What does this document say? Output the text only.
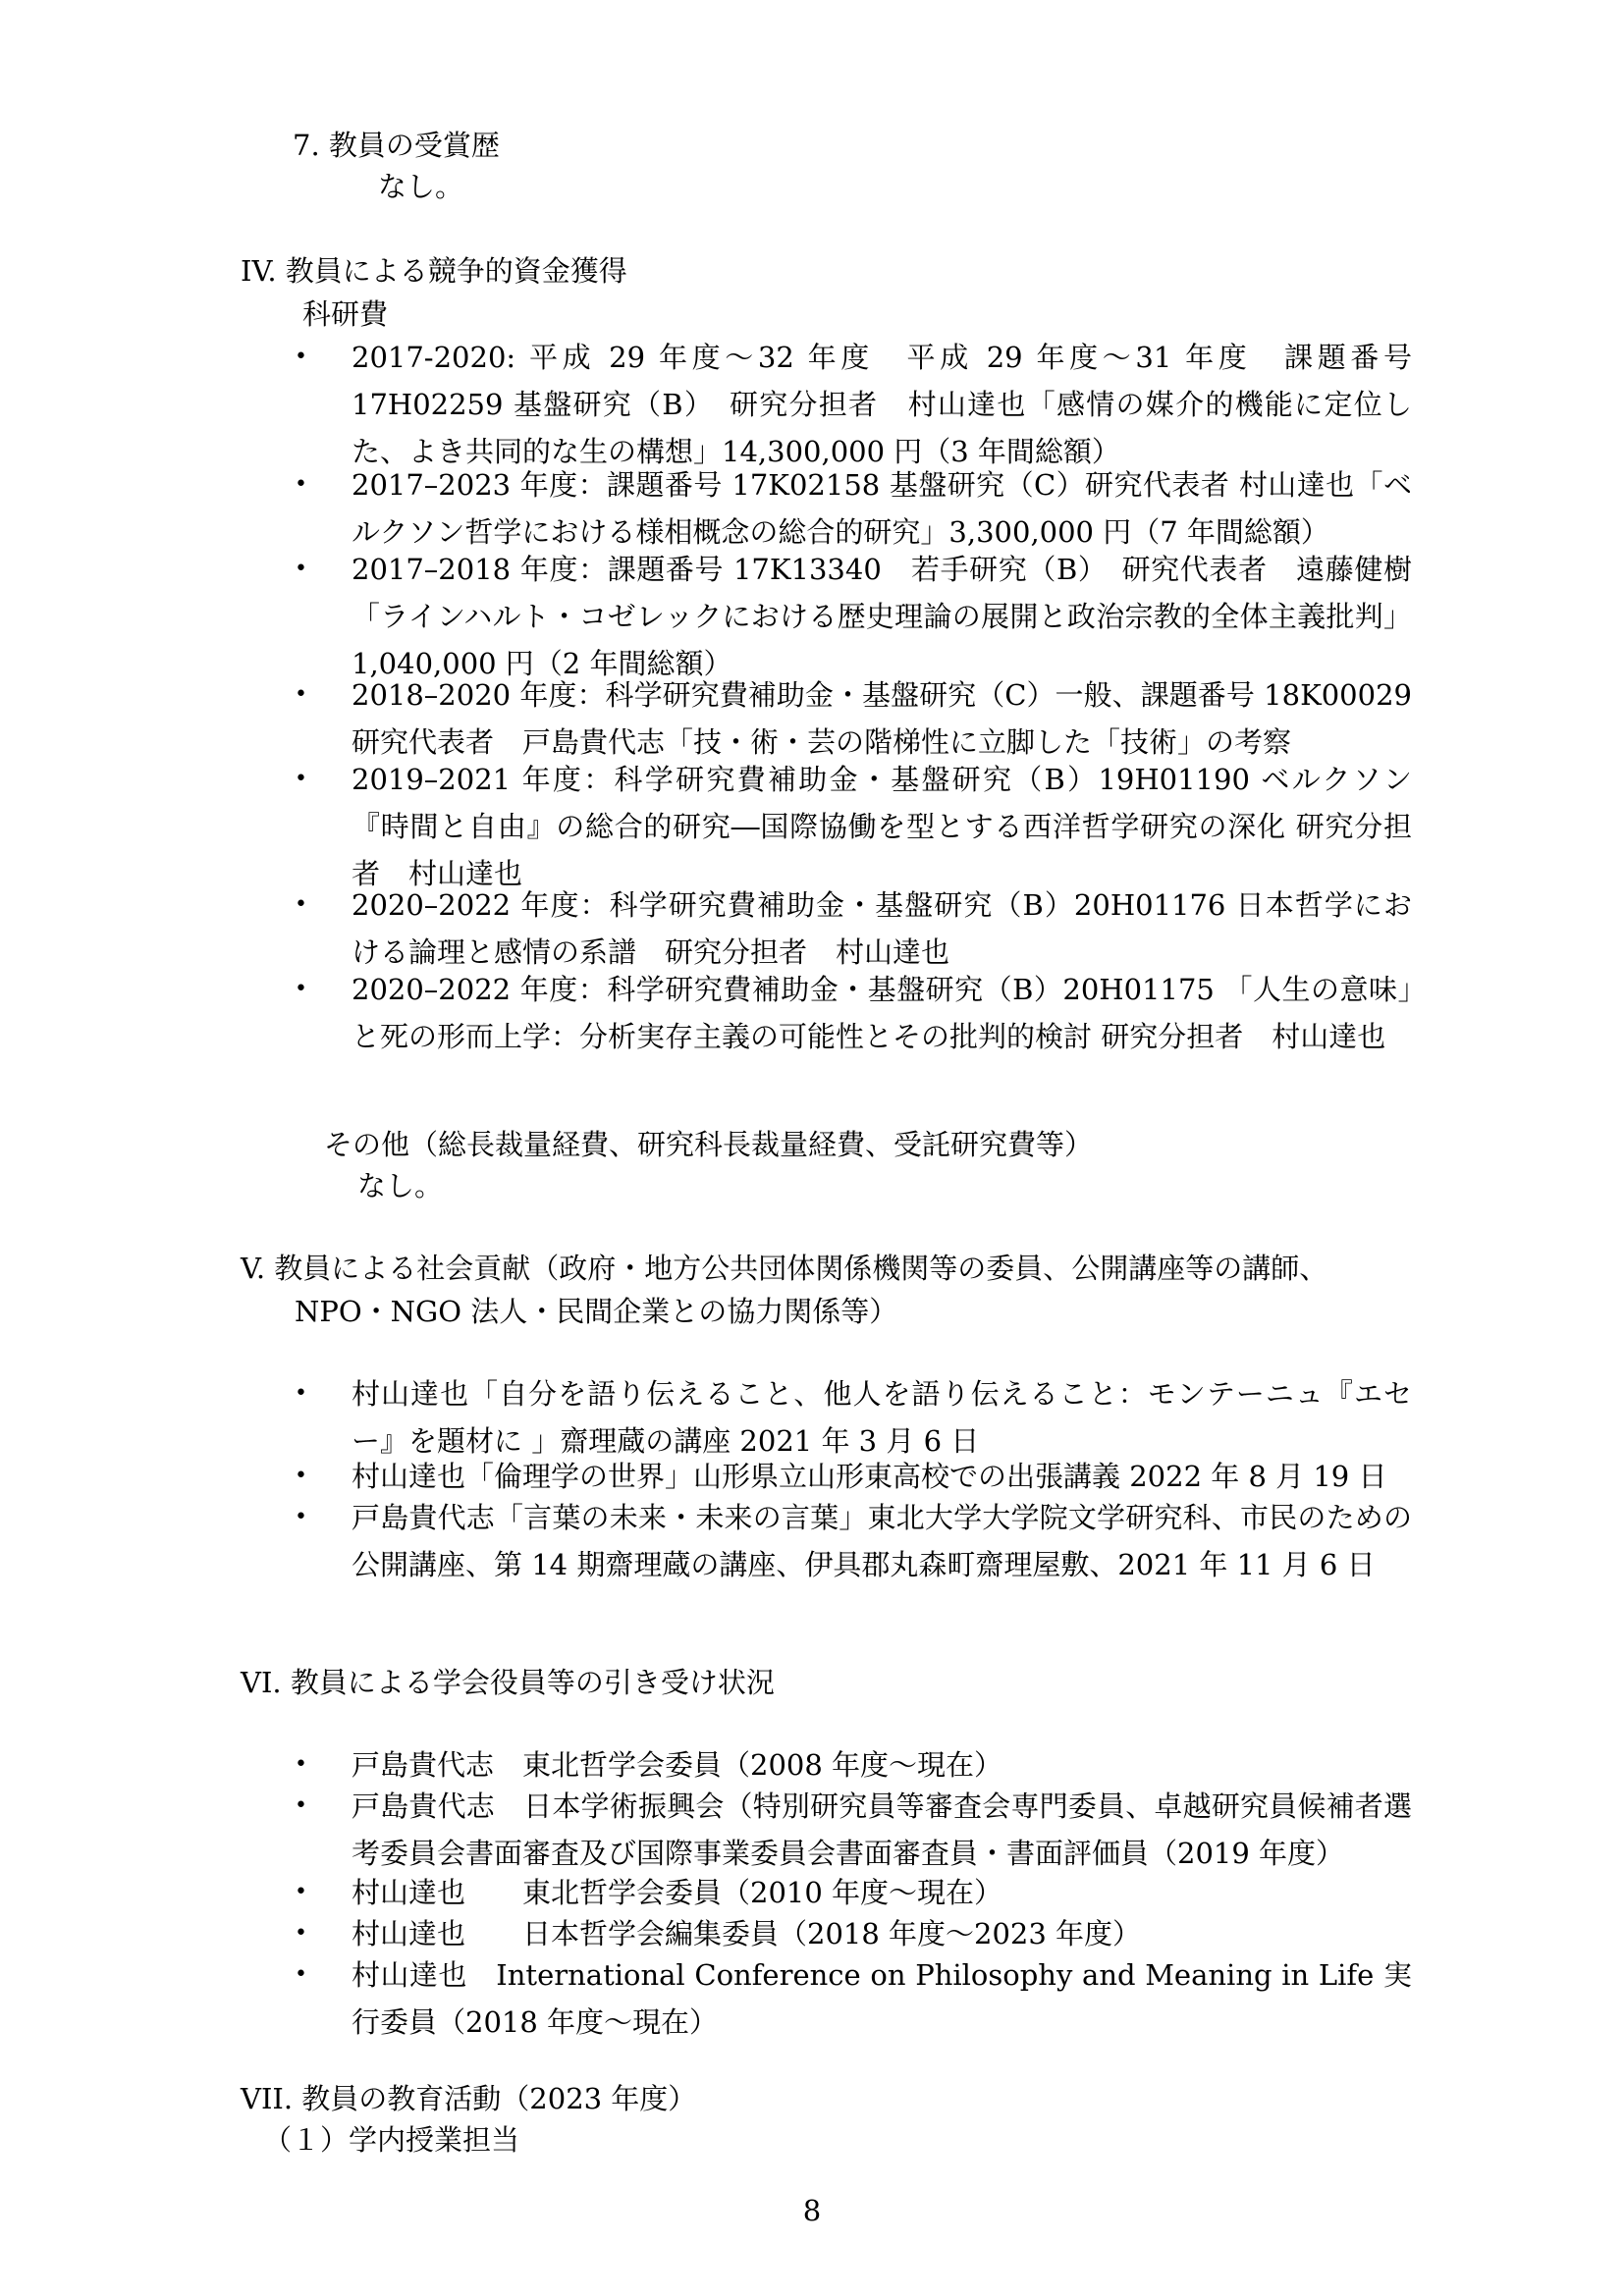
7. 教員の受賞歴
なし。
IV. 教員による競争的資金獲得
科研費
• 2017-2020: 平成 29 年度～32 年度　平成 29 年度～31 年度　課題番号 17H02259 基盤研究（B）　研究分担者　村山達也「感情の媒介的機能に定位した、よき共同的な生の構想」14,300,000 円（3 年間総額）
• 2017–2023 年度：課題番号 17K02158 基盤研究（C）研究代表者 村山達也「ベルクソン哲学における様相概念の総合的研究」3,300,000 円（7 年間総額）
• 2017–2018 年度：課題番号 17K13340　若手研究（B）　研究代表者　遠藤健樹「ラインハルト・コゼレックにおける歴史理論の展開と政治宗教的全体主義批判」1,040,000 円（2 年間総額）
• 2018–2020 年度：科学研究費補助金・基盤研究（C）一般、課題番号 18K00029 研究代表者　戸島貴代志「技・術・芸の階梯性に立脚した「技術」の考察
• 2019–2021 年度：科学研究費補助金・基盤研究（B）19H01190 ベルクソン『時間と自由』の総合的研究―国際協働を型とする西洋哲学研究の深化 研究分担者　村山達也
• 2020–2022 年度：科学研究費補助金・基盤研究（B）20H01176 日本哲学における論理と感情の系譜　研究分担者　村山達也
• 2020–2022 年度：科学研究費補助金・基盤研究（B）20H01175 「人生の意味」と死の形而上学：分析実存主義の可能性とその批判的検討 研究分担者　村山達也
その他（総長裁量経費、研究科長裁量経費、受託研究費等）
なし。
V. 教員による社会貢献（政府・地方公共団体関係機関等の委員、公開講座等の講師、
NPO・NGO 法人・民間企業との協力関係等）
• 村山達也「自分を語り伝えること、他人を語り伝えること：モンテーニュ『エセー』を題材に 」齋理蔵の講座 2021 年 3 月 6 日
• 村山達也「倫理学の世界」山形県立山形東高校での出張講義 2022 年 8 月 19 日
• 戸島貴代志「言葉の未来・未来の言葉」東北大学大学院文学研究科、市民のための公開講座、第 14 期齋理蔵の講座、伊具郡丸森町齋理屋敷、2021 年 11 月 6 日
VI. 教員による学会役員等の引き受け状況
• 戸島貴代志　東北哲学会委員（2008 年度～現在）
• 戸島貴代志　日本学術振興会（特別研究員等審査会専門委員、卓越研究員候補者選考委員会書面審査及び国際事業委員会書面審査員・書面評価員（2019 年度）
• 村山達也　　東北哲学会委員（2010 年度～現在）
• 村山達也　　日本哲学会編集委員（2018 年度～2023 年度）
• 村山達也　International Conference on Philosophy and Meaning in Life 実行委員（2018 年度～現在）
VII. 教員の教育活動（2023 年度）
（１）学内授業担当
8
